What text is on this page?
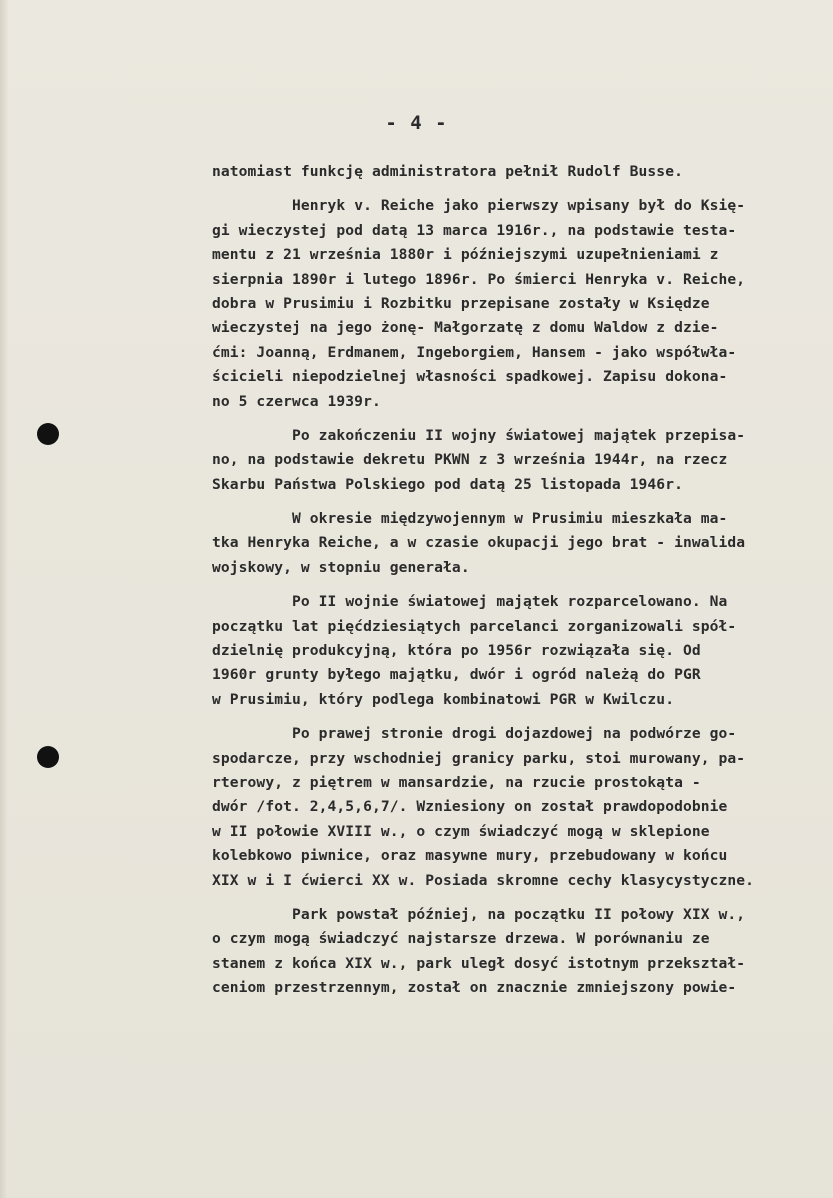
- 4 -
natomiast funkcję administratora pełnił Rudolf Busse.
Henryk v. Reiche jako pierwszy wpisany był do Księ-
gi wieczystej pod datą 13 marca 1916r., na podstawie testa-
mentu z 21 września 1880r i późniejszymi uzupełnieniami z
sierpnia 1890r i lutego 1896r. Po śmierci Henryka v. Reiche,
dobra w Prusimiu i Rozbitku przepisane zostały w Księdze
wieczystej na jego żonę- Małgorzatę z domu Waldow z dzie-
ćmi: Joanną, Erdmanem, Ingeborgiem, Hansem - jako współwła-
ścicieli niepodzielnej własności spadkowej. Zapisu dokona-
no 5 czerwca 1939r.
Po zakończeniu II wojny światowej majątek przepisa-
no, na podstawie dekretu PKWN z 3 września 1944r, na rzecz
Skarbu Państwa Polskiego pod datą 25 listopada 1946r.
W okresie międzywojennym w Prusimiu mieszkała ma-
tka Henryka Reiche, a w czasie okupacji jego brat - inwalida
wojskowy, w stopniu generała.
Po II wojnie światowej majątek rozparcelowano. Na
początku lat pięćdziesiątych parcelanci zorganizowali spół-
dzielnię produkcyjną, która po 1956r rozwiązała się. Od
1960r grunty byłego majątku, dwór i ogród należą do PGR
w Prusimiu, który podlega kombinatowi PGR w Kwilczu.
Po prawej stronie drogi dojazdowej na podwórze go-
spodarcze, przy wschodniej granicy parku, stoi murowany, pa-
rterowy, z piętrem w mansardzie, na rzucie prostokąta -
dwór /fot. 2,4,5,6,7/. Wzniesiony on został prawdopodobnie
w II połowie XVIII w., o czym świadczyć mogą w sklepione
kolebkowo piwnice, oraz masywne mury, przebudowany w końcu
XIX w i I ćwierci XX w. Posiada skromne cechy klasycystyczne.
Park powstał później, na początku II połowy XIX w.,
o czym mogą świadczyć najstarsze drzewa. W porównaniu ze
stanem z końca XIX w., park uległ dosyć istotnym przekształ-
ceniom przestrzennym, został on znacznie zmniejszony powie-
